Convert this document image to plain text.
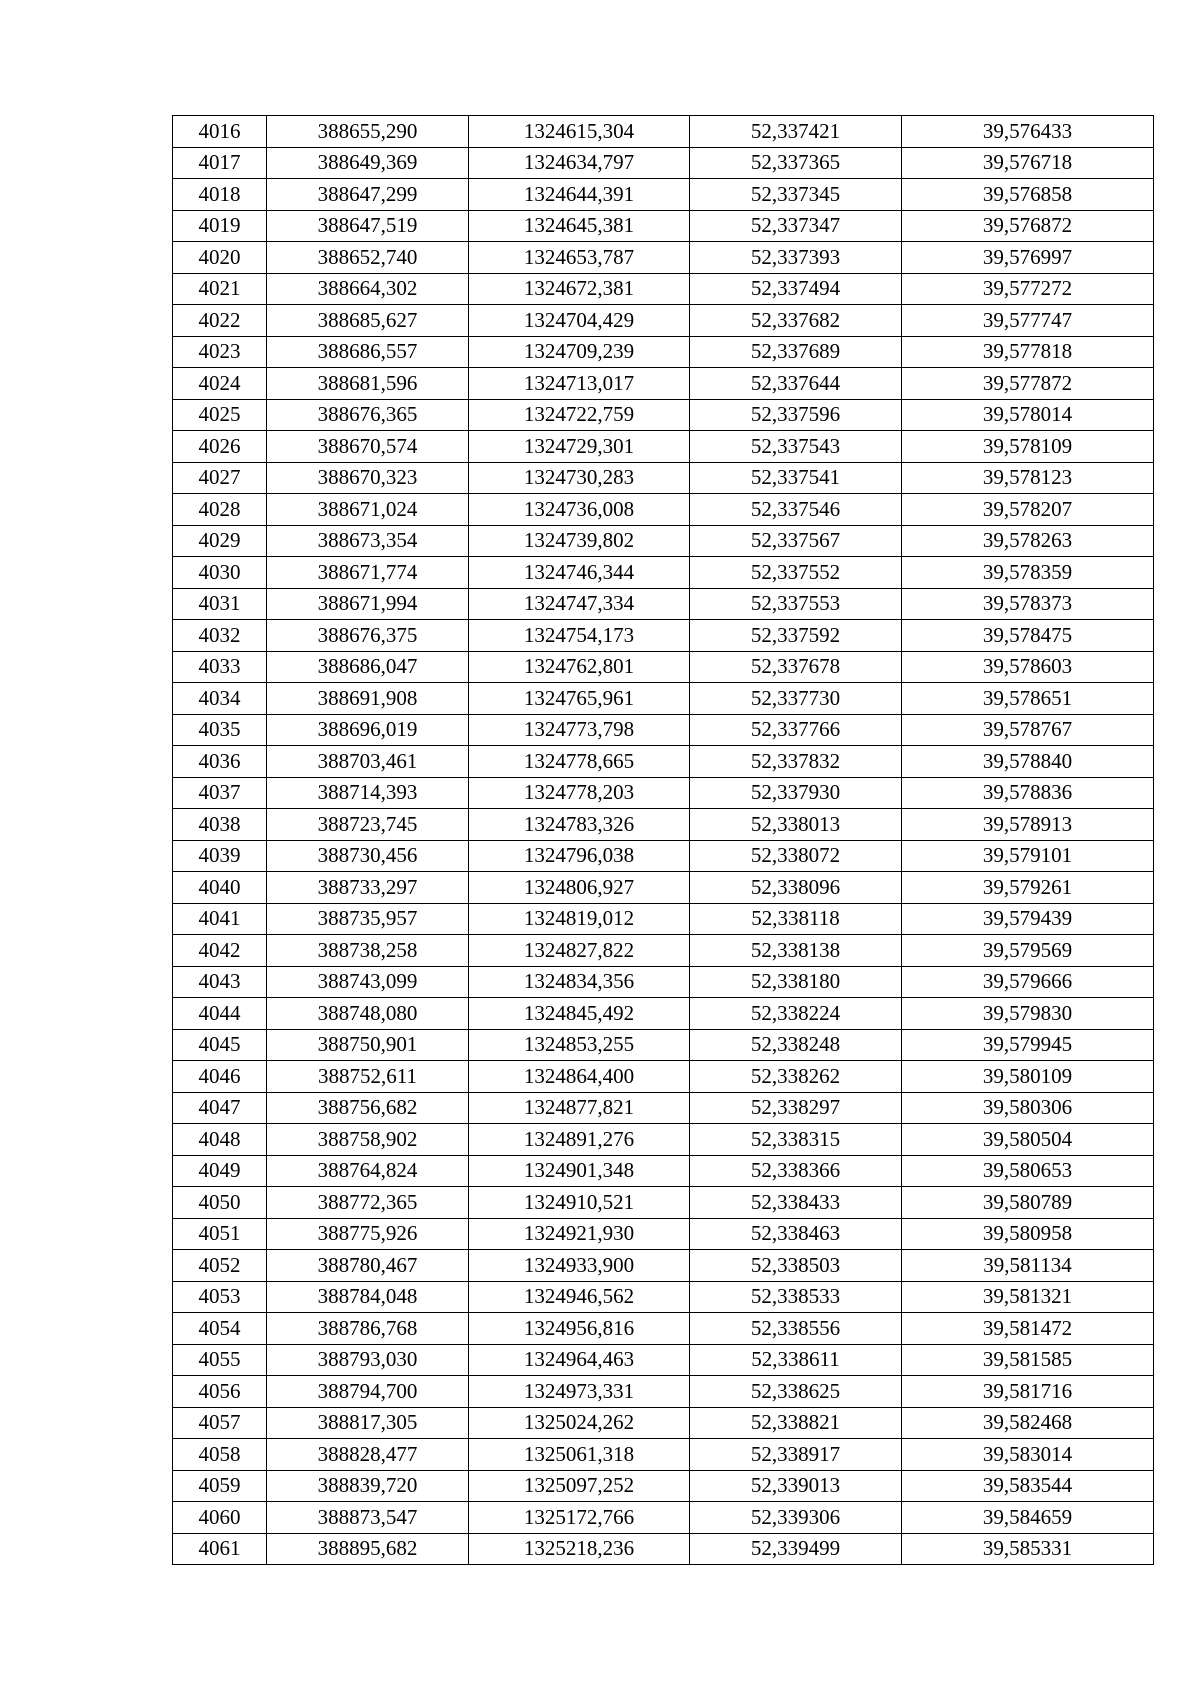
4016	388655,290	1324615,304	52,337421	39,576433
4017	388649,369	1324634,797	52,337365	39,576718
4018	388647,299	1324644,391	52,337345	39,576858
4019	388647,519	1324645,381	52,337347	39,576872
4020	388652,740	1324653,787	52,337393	39,576997
4021	388664,302	1324672,381	52,337494	39,577272
4022	388685,627	1324704,429	52,337682	39,577747
4023	388686,557	1324709,239	52,337689	39,577818
4024	388681,596	1324713,017	52,337644	39,577872
4025	388676,365	1324722,759	52,337596	39,578014
4026	388670,574	1324729,301	52,337543	39,578109
4027	388670,323	1324730,283	52,337541	39,578123
4028	388671,024	1324736,008	52,337546	39,578207
4029	388673,354	1324739,802	52,337567	39,578263
4030	388671,774	1324746,344	52,337552	39,578359
4031	388671,994	1324747,334	52,337553	39,578373
4032	388676,375	1324754,173	52,337592	39,578475
4033	388686,047	1324762,801	52,337678	39,578603
4034	388691,908	1324765,961	52,337730	39,578651
4035	388696,019	1324773,798	52,337766	39,578767
4036	388703,461	1324778,665	52,337832	39,578840
4037	388714,393	1324778,203	52,337930	39,578836
4038	388723,745	1324783,326	52,338013	39,578913
4039	388730,456	1324796,038	52,338072	39,579101
4040	388733,297	1324806,927	52,338096	39,579261
4041	388735,957	1324819,012	52,338118	39,579439
4042	388738,258	1324827,822	52,338138	39,579569
4043	388743,099	1324834,356	52,338180	39,579666
4044	388748,080	1324845,492	52,338224	39,579830
4045	388750,901	1324853,255	52,338248	39,579945
4046	388752,611	1324864,400	52,338262	39,580109
4047	388756,682	1324877,821	52,338297	39,580306
4048	388758,902	1324891,276	52,338315	39,580504
4049	388764,824	1324901,348	52,338366	39,580653
4050	388772,365	1324910,521	52,338433	39,580789
4051	388775,926	1324921,930	52,338463	39,580958
4052	388780,467	1324933,900	52,338503	39,581134
4053	388784,048	1324946,562	52,338533	39,581321
4054	388786,768	1324956,816	52,338556	39,581472
4055	388793,030	1324964,463	52,338611	39,581585
4056	388794,700	1324973,331	52,338625	39,581716
4057	388817,305	1325024,262	52,338821	39,582468
4058	388828,477	1325061,318	52,338917	39,583014
4059	388839,720	1325097,252	52,339013	39,583544
4060	388873,547	1325172,766	52,339306	39,584659
4061	388895,682	1325218,236	52,339499	39,585331
